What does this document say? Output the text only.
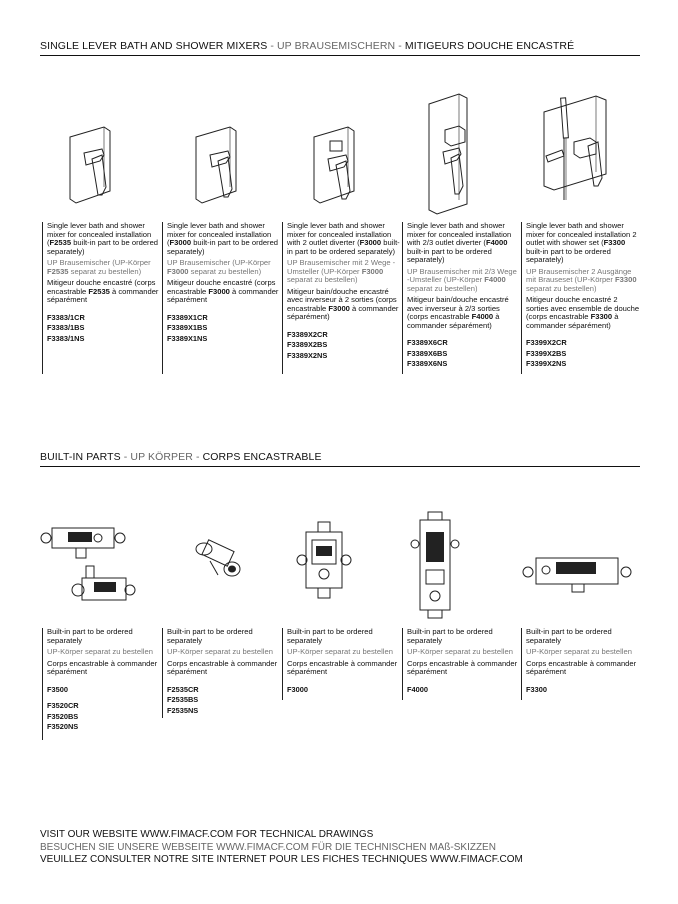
SINGLE LEVER BATH AND SHOWER MIXERS - UP BRAUSEMISCHERN - MITIGEURS DOUCHE ENCASTRÉ

Single lever bath and shower mixer for concealed installation (F2535 built-in part to be ordered separately)

UP Brausemischer (UP-Körper F2535 separat zu bestellen)

Mitigeur douche encastré (corps encastrable F2535 à commander séparément

F3383/1CR
F3383/1BS
F3383/1NS

Single lever bath and shower mixer for concealed installation (F3000 built-in part to be ordered separately)

UP Brausemischer (UP-Körper F3000 separat zu bestellen)

Mitigeur douche encastré (corps encastrable F3000 à commander séparément

F3389X1CR
F3389X1BS
F3389X1NS

Single lever bath and shower mixer for concealed installation with 2 outlet diverter (F3000 built-in part to be ordered separately)

UP Brausemischer mit 2 Wege -Umsteller (UP-Körper F3000 separat zu bestellen)

Mitigeur bain/douche encastré avec inverseur à 2 sorties (corps encastrable F3000 à commander séparément)

F3389X2CR
F3389X2BS
F3389X2NS

Single lever bath and shower mixer for concealed installation with 2/3 outlet diverter (F4000 built-in part to be ordered separately)

UP Brausemischer mit 2/3 Wege -Umsteller (UP-Körper F4000 separat zu bestellen)

Mitigeur bain/douche encastré avec inverseur à 2/3 sorties (corps encastrable F4000 à commander séparément)

F3389X6CR
F3389X6BS
F3389X6NS

Single lever bath and shower mixer for concealed installation 2 outlet with shower set (F3300 built-in part to be ordered separately)

UP Brausemischer 2 Ausgänge mit Brauseset (UP-Körper F3300 separat zu bestellen)

Mitigeur douche encastré 2 sorties avec ensemble de douche (corps encastrable F3300 à commander séparément)

F3399X2CR
F3399X2BS
F3399X2NS
BUILT-IN PARTS - UP KÖRPER - CORPS ENCASTRABLE

Built-in part to be ordered separately

UP-Körper separat zu bestellen

Corps encastrable à commander séparément

F3500
F3520CR
F3520BS
F3520NS

Built-in part to be ordered separately

UP-Körper separat zu bestellen

Corps encastrable à commander séparément

F2535CR
F2535BS
F2535NS

Built-in part to be ordered separately

UP-Körper separat zu bestellen

Corps encastrable à commander séparément

F3000

Built-in part to be ordered separately

UP-Körper separat zu bestellen

Corps encastrable à commander séparément

F4000

Built-in part to be ordered separately

UP-Körper separat zu bestellen

Corps encastrable à commander séparément

F3300
VISIT OUR WEBSITE WWW.FIMACF.COM FOR TECHNICAL DRAWINGS
BESUCHEN SIE UNSERE WEBSEITE WWW.FIMACF.COM FÜR DIE TECHNISCHEN MAß-SKIZZEN
VEUILLEZ CONSULTER NOTRE SITE INTERNET POUR LES FICHES TECHNIQUES WWW.FIMACF.COM
